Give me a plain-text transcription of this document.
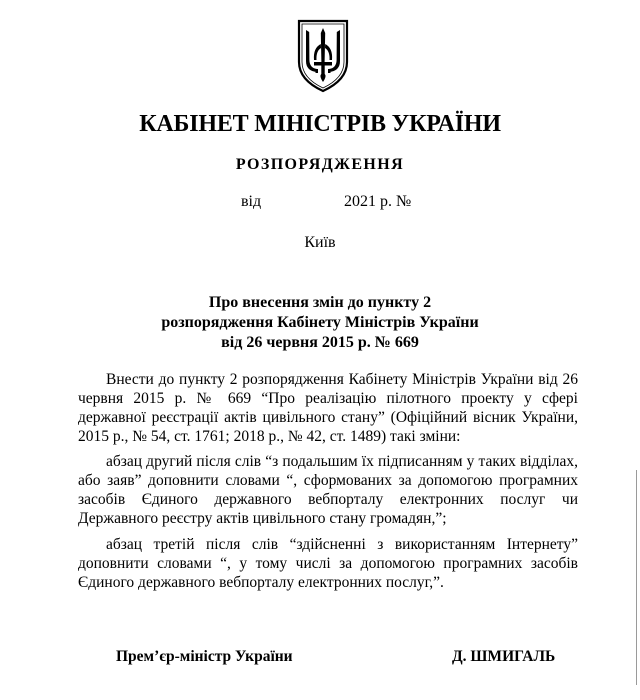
КАБІНЕТ МІНІСТРІВ УКРАЇНИ
РОЗПОРЯДЖЕННЯ
від	2021 р. №
Київ
Про внесення змін до пункту 2
розпорядження Кабінету Міністрів України
від 26 червня 2015 р. № 669

Внести до пункту 2 розпорядження Кабінету Міністрів України від 26 червня 2015 р. № 669 “Про реалізацію пілотного проекту у сфері державної реєстрації актів цивільного стану” (Офіційний вісник України, 2015 р., № 54, ст. 1761; 2018 р., № 42, ст. 1489) такі зміни:

абзац другий після слів “з подальшим їх підписанням у таких відділах, або заяв” доповнити словами “, сформованих за допомогою програмних засобів Єдиного державного вебпорталу електронних послуг чи Державного реєстру актів цивільного стану громадян,”;

абзац третій після слів “здійсненні з використанням Інтернету” доповнити словами “, у тому числі за допомогою програмних засобів Єдиного державного вебпорталу електронних послуг,”.

Прем’єр-міністр України	Д. ШМИГАЛЬ
